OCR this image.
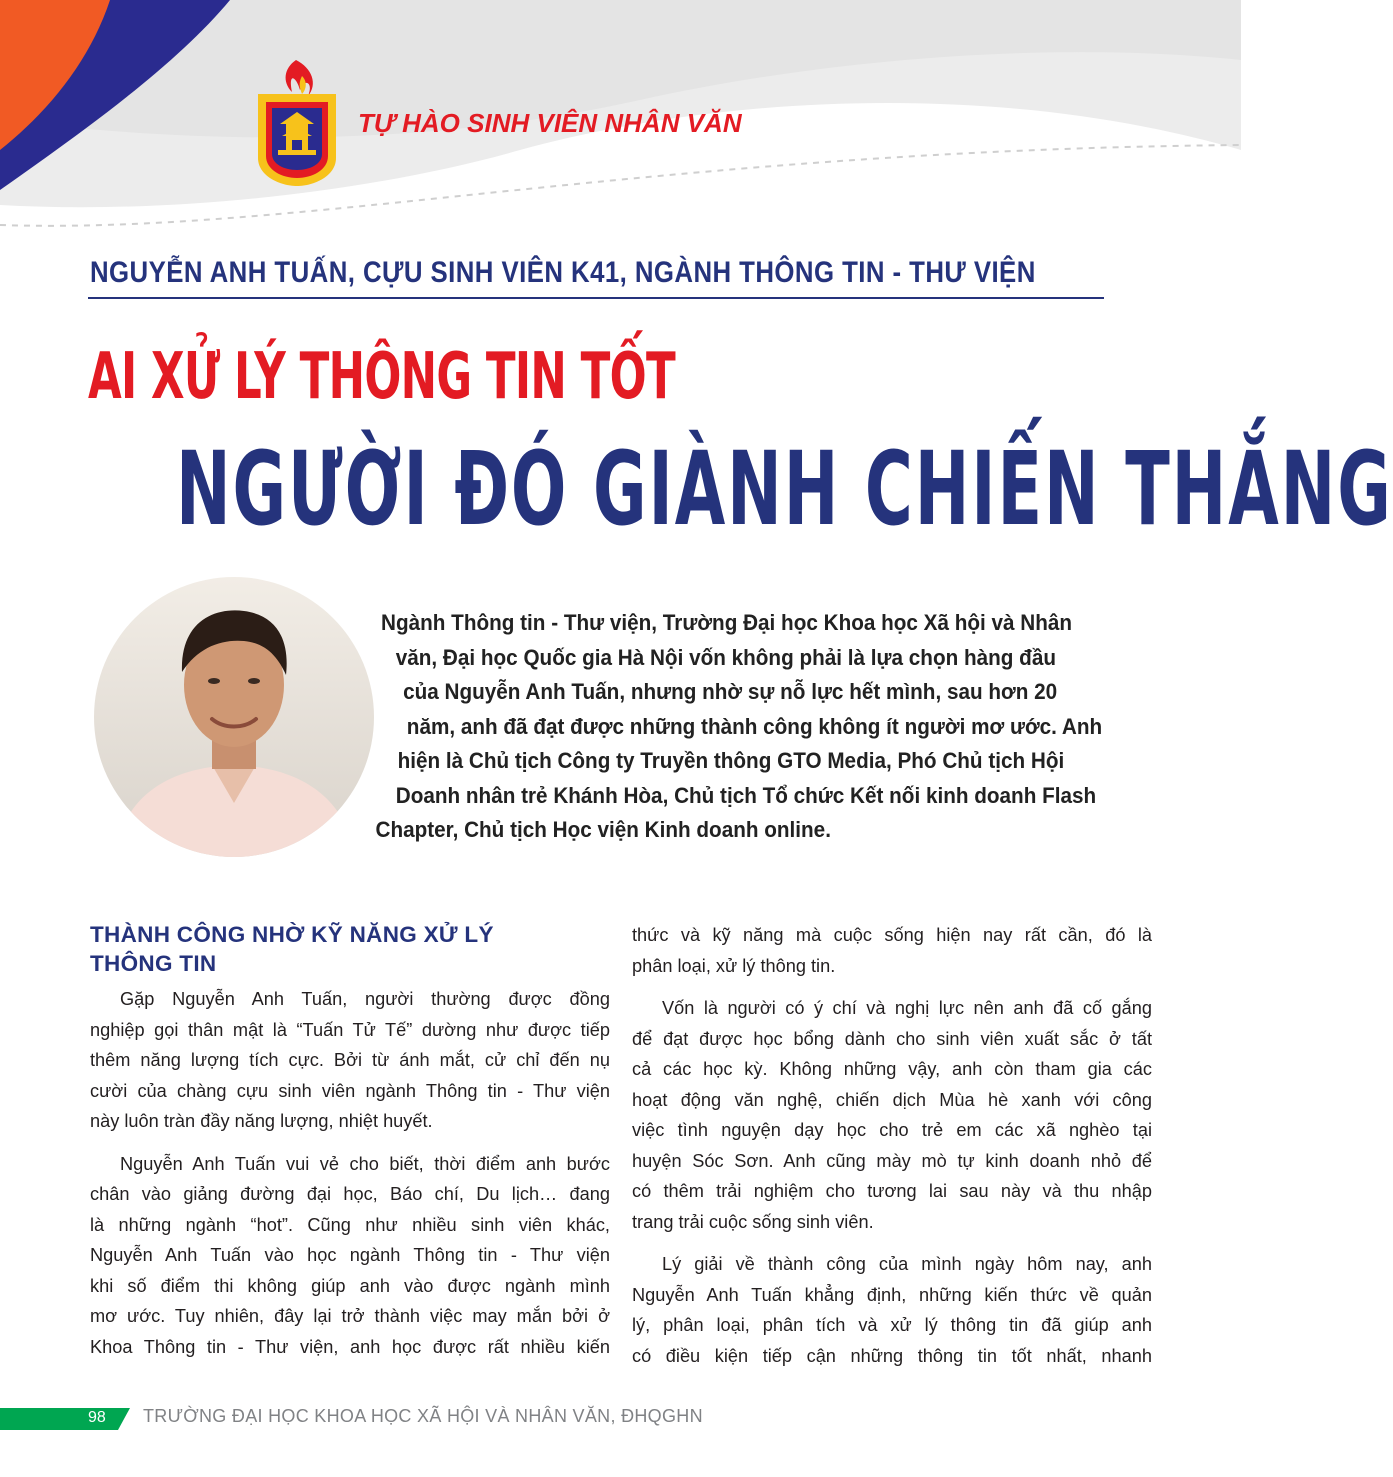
TỰ HÀO SINH VIÊN NHÂN VĂN
NGUYỄN ANH TUẤN, CỰU SINH VIÊN K41, NGÀNH THÔNG TIN - THƯ VIỆN
AI XỬ LÝ THÔNG TIN TỐT
NGƯỜI ĐÓ GIÀNH CHIẾN THẮNG
Ngành Thông tin - Thư viện, Trường Đại học Khoa học Xã hội và Nhân
văn, Đại học Quốc gia Hà Nội vốn không phải là lựa chọn hàng đầu
của Nguyễn Anh Tuấn, nhưng nhờ sự nỗ lực hết mình, sau hơn 20
năm, anh đã đạt được những thành công không ít người mơ ước. Anh
hiện là Chủ tịch Công ty Truyền thông GTO Media, Phó Chủ tịch Hội
Doanh nhân trẻ Khánh Hòa, Chủ tịch Tổ chức Kết nối kinh doanh Flash
Chapter, Chủ tịch Học viện Kinh doanh online.
THÀNH CÔNG NHỜ KỸ NĂNG XỬ LÝ
THÔNG TIN
Gặp Nguyễn Anh Tuấn, người thường được đồng
nghiệp gọi thân mật là “Tuấn Tử Tế” dường như được tiếp
thêm năng lượng tích cực. Bởi từ ánh mắt, cử chỉ đến nụ
cười của chàng cựu sinh viên ngành Thông tin - Thư viện
này luôn tràn đầy năng lượng, nhiệt huyết.
Nguyễn Anh Tuấn vui vẻ cho biết, thời điểm anh bước
chân vào giảng đường đại học, Báo chí, Du lịch… đang
là những ngành “hot”. Cũng như nhiều sinh viên khác,
Nguyễn Anh Tuấn vào học ngành Thông tin - Thư viện
khi số điểm thi không giúp anh vào được ngành mình
mơ ước. Tuy nhiên, đây lại trở thành việc may mắn bởi ở
Khoa Thông tin - Thư viện, anh học được rất nhiều kiến
thức và kỹ năng mà cuộc sống hiện nay rất cần, đó là
phân loại, xử lý thông tin.
Vốn là người có ý chí và nghị lực nên anh đã cố gắng
để đạt được học bổng dành cho sinh viên xuất sắc ở tất
cả các học kỳ. Không những vậy, anh còn tham gia các
hoạt động văn nghệ, chiến dịch Mùa hè xanh với công
việc tình nguyện dạy học cho trẻ em các xã nghèo tại
huyện Sóc Sơn. Anh cũng mày mò tự kinh doanh nhỏ để
có thêm trải nghiệm cho tương lai sau này và thu nhập
trang trải cuộc sống sinh viên.
Lý giải về thành công của mình ngày hôm nay, anh
Nguyễn Anh Tuấn khẳng định, những kiến thức về quản
lý, phân loại, phân tích và xử lý thông tin đã giúp anh
có điều kiện tiếp cận những thông tin tốt nhất, nhanh
98 TRƯỜNG ĐẠI HỌC KHOA HỌC XÃ HỘI VÀ NHÂN VĂN, ĐHQGHN
